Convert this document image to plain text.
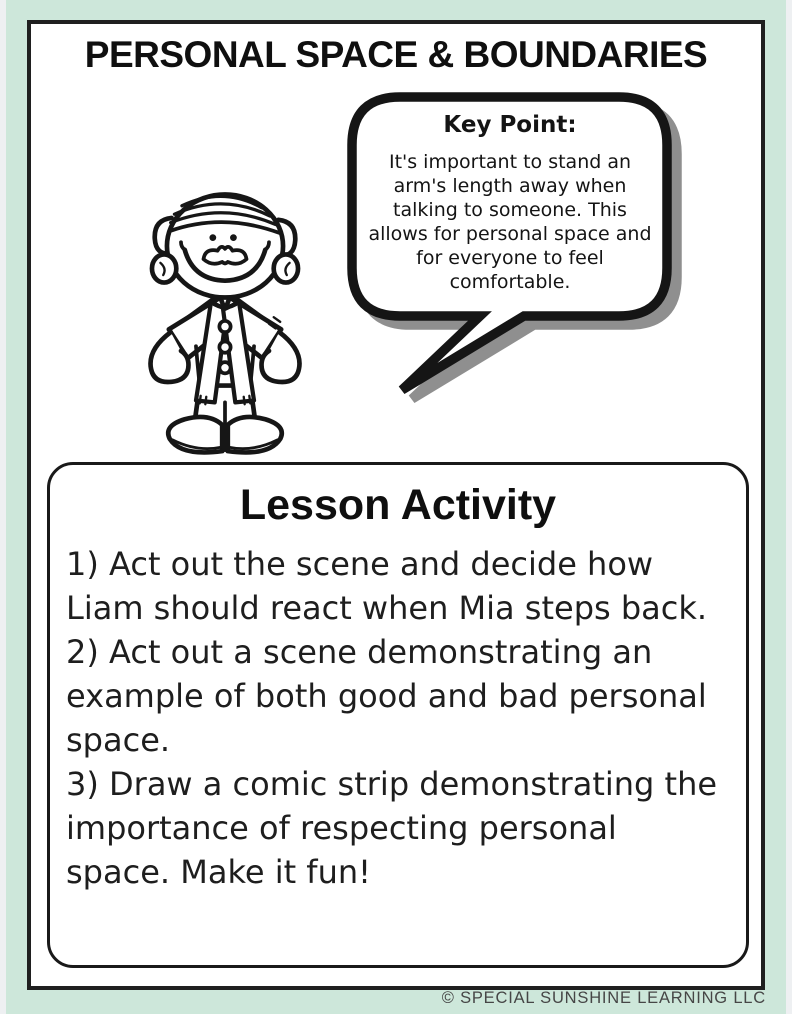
PERSONAL SPACE & BOUNDARIES
Key Point:
It's important to stand an arm's length away when talking to someone. This allows for personal space and for everyone to feel comfortable.
Lesson Activity

1) Act out the scene and decide how Liam should react when Mia steps back.

2) Act out a scene demonstrating an example of both good and bad personal space.

3) Draw a comic strip demonstrating the importance of respecting personal space. Make it fun!

© SPECIAL SUNSHINE LEARNING LLC
